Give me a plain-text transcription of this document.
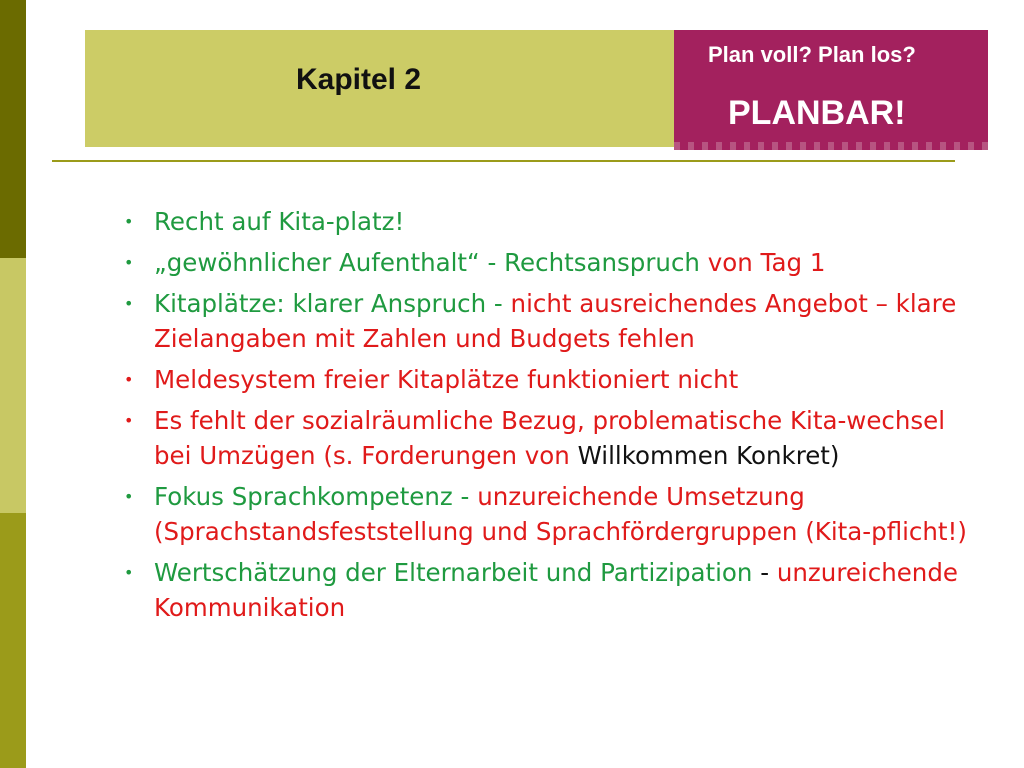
Kapitel 2
Plan voll? Plan los?
PLANBAR!
• Recht auf Kita-platz!
• „gewöhnlicher Aufenthalt“ - Rechtsanspruch von Tag 1
• Kitaplätze: klarer Anspruch - nicht ausreichendes Angebot – klare Zielangaben mit Zahlen und Budgets fehlen
• Meldesystem freier Kitaplätze funktioniert nicht
• Es fehlt der sozialräumliche Bezug, problematische Kita-wechsel bei Umzügen (s. Forderungen von Willkommen Konkret)
• Fokus Sprachkompetenz - unzureichende Umsetzung (Sprachstandsfeststellung und Sprachfördergruppen (Kita-pflicht!)
• Wertschätzung der Elternarbeit und Partizipation - unzureichende Kommunikation
